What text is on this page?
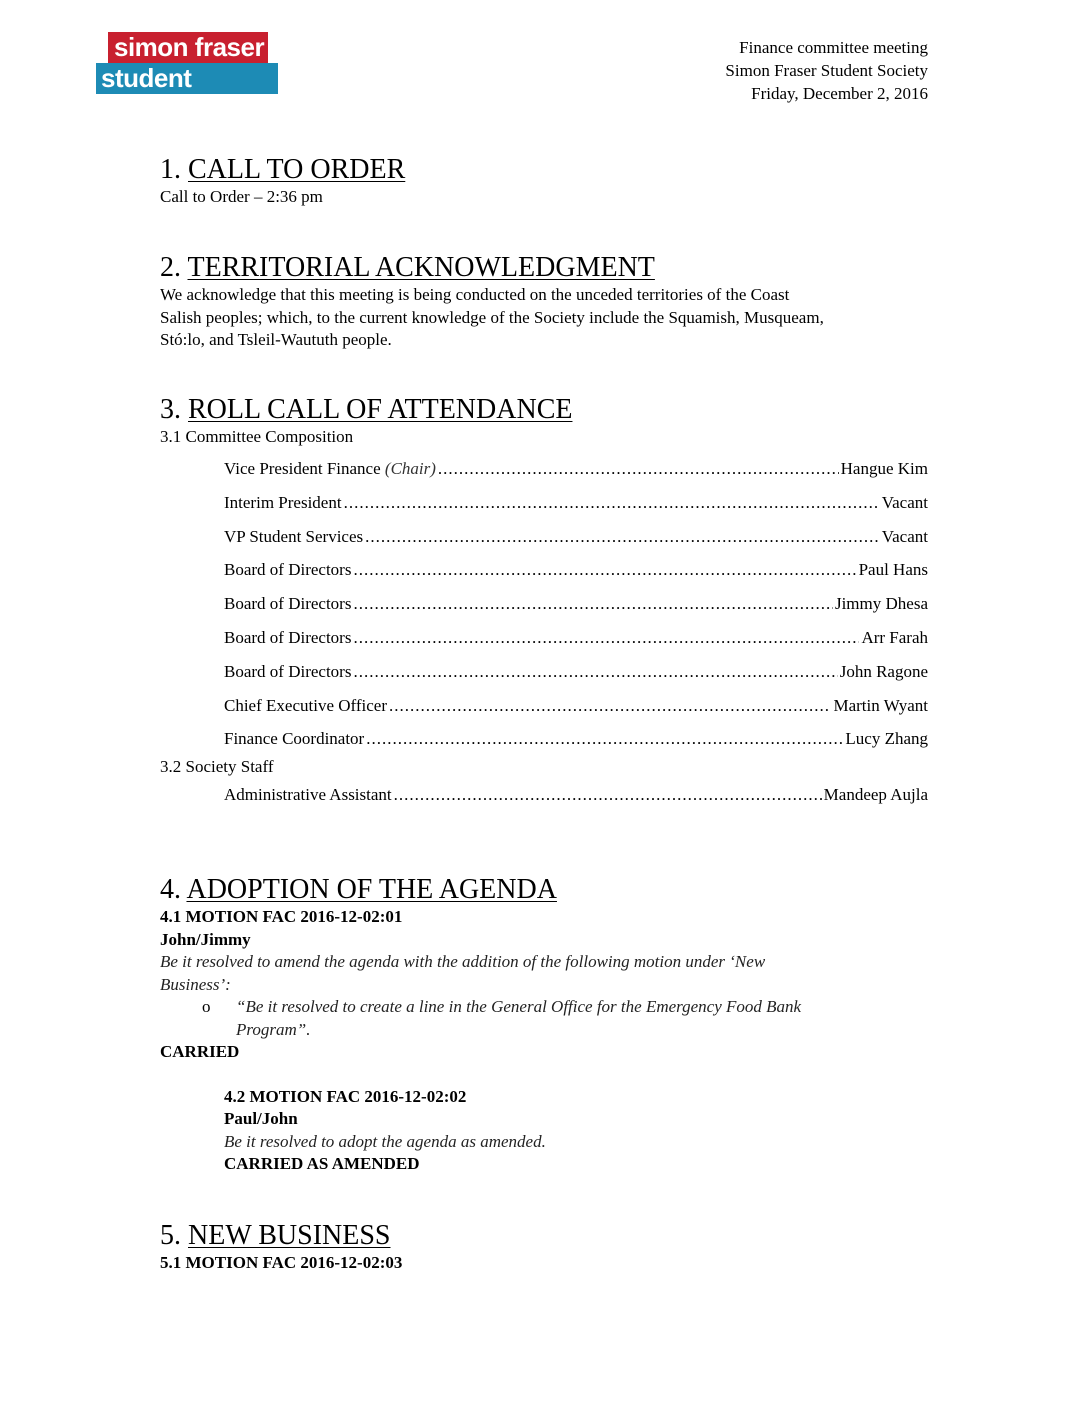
simon fraser
student society
Finance committee meeting
Simon Fraser Student Society
Friday, December 2, 2016
1. CALL TO ORDER

Call to Order – 2:36 pm

2. TERRITORIAL ACKNOWLEDGMENT

We acknowledge that this meeting is being conducted on the unceded territories of the Coast

Salish peoples; which, to the current knowledge of the Society include the Squamish, Musqueam,

Stó:lo, and Tsleil-Waututh people.

3. ROLL CALL OF ATTENDANCE

3.1 Committee Composition

Vice President Finance (Chair) .....	Hangue Kim
Interim President .....	Vacant
VP Student Services .....	Vacant
Board of Directors .....	Paul Hans
Board of Directors .....	Jimmy Dhesa
Board of Directors .....	Arr Farah
Board of Directors .....	John Ragone
Chief Executive Officer .....	Martin Wyant
Finance Coordinator .....	Lucy Zhang

3.2 Society Staff

Administrative Assistant .....	Mandeep Aujla
4. ADOPTION OF THE AGENDA

4.1 MOTION FAC 2016-12-02:01

John/Jimmy

Be it resolved to amend the agenda with the addition of the following motion under ‘New

Business’:

o	“Be it resolved to create a line in the General Office for the Emergency Food Bank
Program”.

CARRIED

4.2 MOTION FAC 2016-12-02:02

Paul/John

Be it resolved to adopt the agenda as amended.

CARRIED AS AMENDED

5. NEW BUSINESS

5.1 MOTION FAC 2016-12-02:03
